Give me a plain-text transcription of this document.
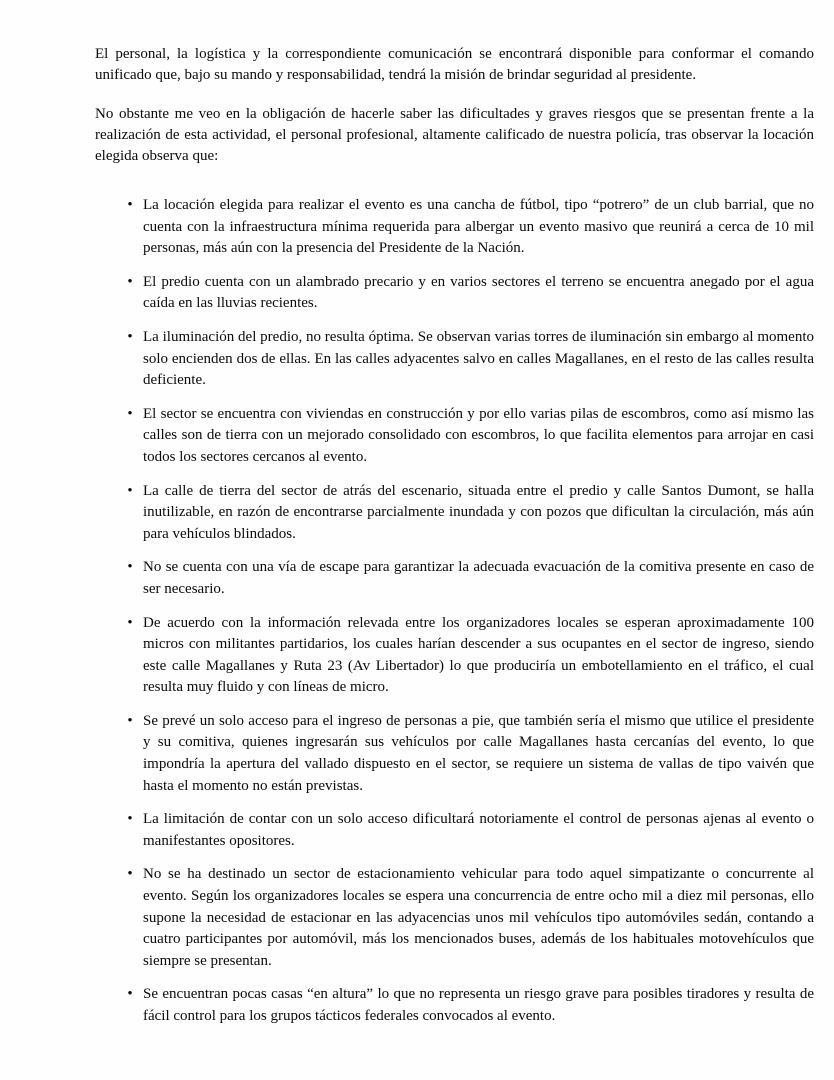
El personal, la logística y la correspondiente comunicación se encontrará disponible para conformar el comando unificado que, bajo su mando y responsabilidad, tendrá la misión de brindar seguridad al presidente.

No obstante me veo en la obligación de hacerle saber las dificultades y graves riesgos que se presentan frente a la realización de esta actividad, el personal profesional, altamente calificado de nuestra policía, tras observar la locación elegida observa que:

• La locación elegida para realizar el evento es una cancha de fútbol, tipo “potrero” de un club barrial, que no cuenta con la infraestructura mínima requerida para albergar un evento masivo que reunirá a cerca de 10 mil personas, más aún con la presencia del Presidente de la Nación.
• El predio cuenta con un alambrado precario y en varios sectores el terreno se encuentra anegado por el agua caída en las lluvias recientes.
• La iluminación del predio, no resulta óptima. Se observan varias torres de iluminación sin embargo al momento solo encienden dos de ellas. En las calles adyacentes salvo en calles Magallanes, en el resto de las calles resulta deficiente.
• El sector se encuentra con viviendas en construcción y por ello varias pilas de escombros, como así mismo las calles son de tierra con un mejorado consolidado con escombros, lo que facilita elementos para arrojar en casi todos los sectores cercanos al evento.
• La calle de tierra del sector de atrás del escenario, situada entre el predio y calle Santos Dumont, se halla inutilizable, en razón de encontrarse parcialmente inundada y con pozos que dificultan la circulación, más aún para vehículos blindados.
• No se cuenta con una vía de escape para garantizar la adecuada evacuación de la comitiva presente en caso de ser necesario.
• De acuerdo con la información relevada entre los organizadores locales se esperan aproximadamente 100 micros con militantes partidarios, los cuales harían descender a sus ocupantes en el sector de ingreso, siendo este calle Magallanes y Ruta 23 (Av Libertador) lo que produciría un embotellamiento en el tráfico, el cual resulta muy fluido y con líneas de micro.
• Se prevé un solo acceso para el ingreso de personas a pie, que también sería el mismo que utilice el presidente y su comitiva, quienes ingresarán sus vehículos por calle Magallanes hasta cercanías del evento, lo que impondría la apertura del vallado dispuesto en el sector, se requiere un sistema de vallas de tipo vaivén que hasta el momento no están previstas.
• La limitación de contar con un solo acceso dificultará notoriamente el control de personas ajenas al evento o manifestantes opositores.
• No se ha destinado un sector de estacionamiento vehicular para todo aquel simpatizante o concurrente al evento. Según los organizadores locales se espera una concurrencia de entre ocho mil a diez mil personas, ello supone la necesidad de estacionar en las adyacencias unos mil vehículos tipo automóviles sedán, contando a cuatro participantes por automóvil, más los mencionados buses, además de los habituales motovehículos que siempre se presentan.
• Se encuentran pocas casas “en altura” lo que no representa un riesgo grave para posibles tiradores y resulta de fácil control para los grupos tácticos federales convocados al evento.
